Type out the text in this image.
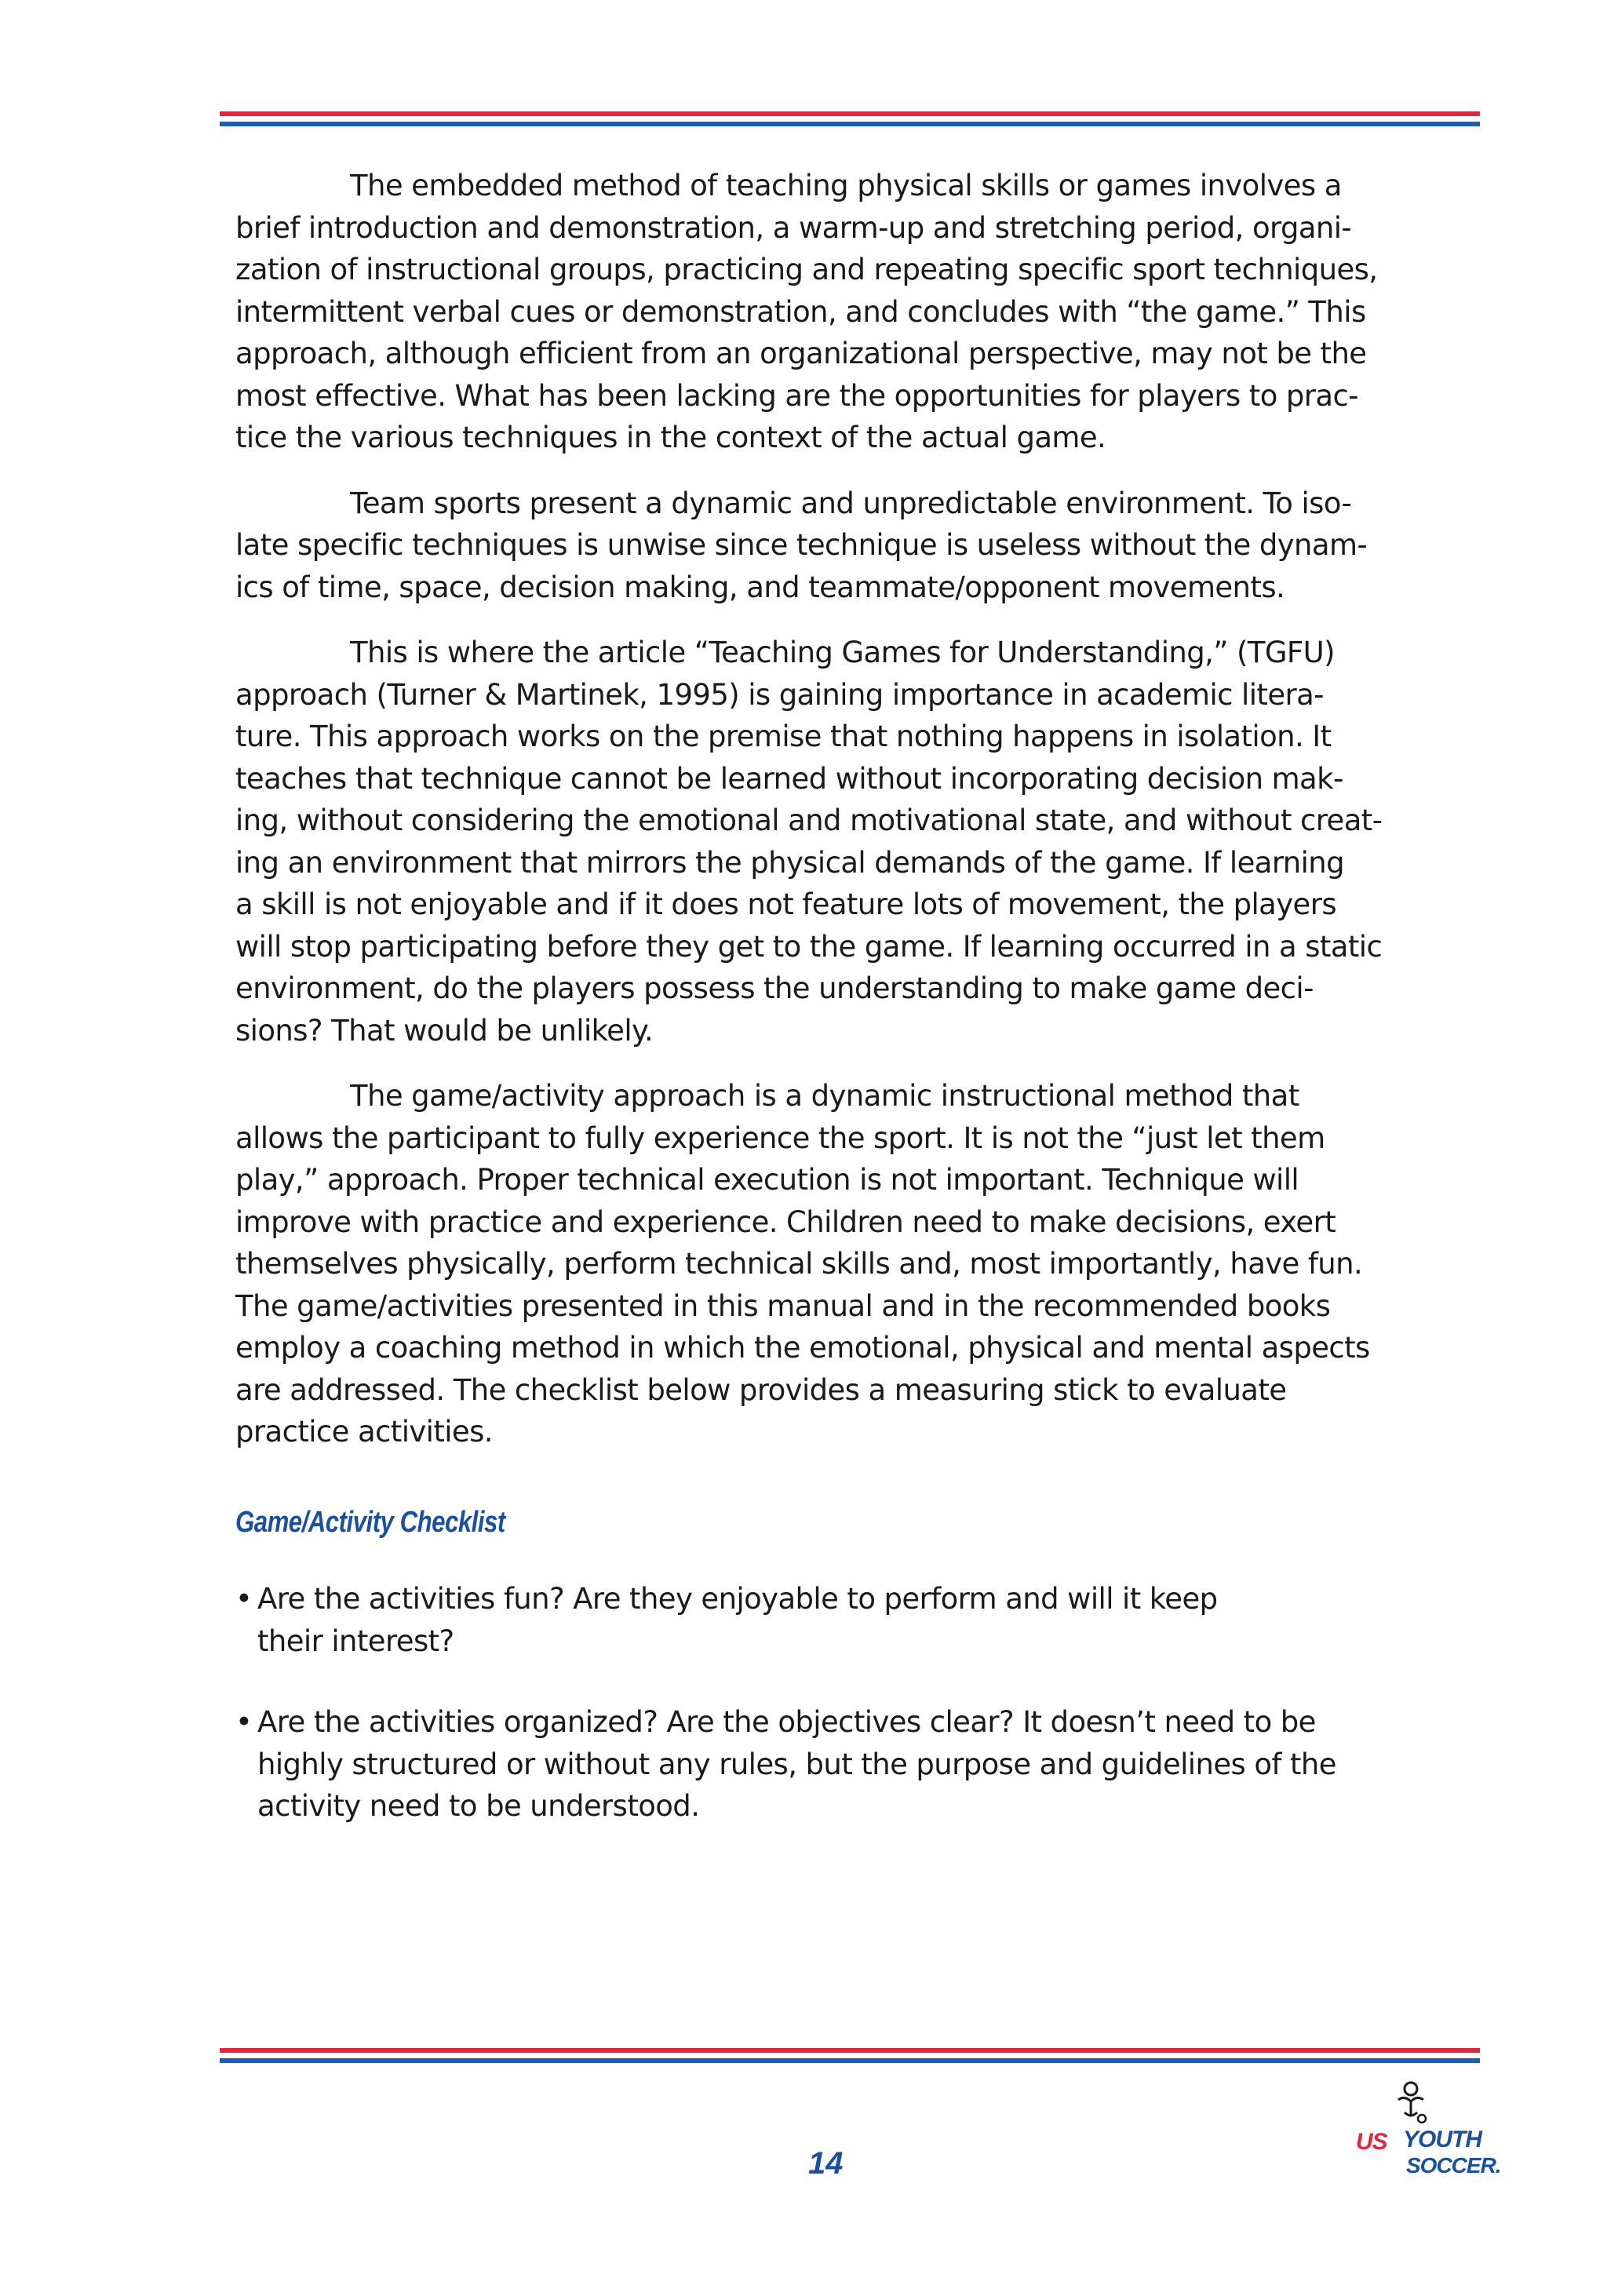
The embedded method of teaching physical skills or games involves a
brief introduction and demonstration, a warm-up and stretching period, organi-
zation of instructional groups, practicing and repeating specific sport techniques,
intermittent verbal cues or demonstration, and concludes with “the game.” This
approach, although efficient from an organizational perspective, may not be the
most effective. What has been lacking are the opportunities for players to prac-
tice the various techniques in the context of the actual game.

Team sports present a dynamic and unpredictable environment. To iso-
late specific techniques is unwise since technique is useless without the dynam-
ics of time, space, decision making, and teammate/opponent movements.

This is where the article “Teaching Games for Understanding,” (TGFU)
approach (Turner & Martinek, 1995) is gaining importance in academic litera-
ture. This approach works on the premise that nothing happens in isolation. It
teaches that technique cannot be learned without incorporating decision mak-
ing, without considering the emotional and motivational state, and without creat-
ing an environment that mirrors the physical demands of the game. If learning
a skill is not enjoyable and if it does not feature lots of movement, the players
will stop participating before they get to the game. If learning occurred in a static
environment, do the players possess the understanding to make game deci-
sions? That would be unlikely.

The game/activity approach is a dynamic instructional method that
allows the participant to fully experience the sport. It is not the “just let them
play,” approach. Proper technical execution is not important. Technique will
improve with practice and experience. Children need to make decisions, exert
themselves physically, perform technical skills and, most importantly, have fun.
The game/activities presented in this manual and in the recommended books
employ a coaching method in which the emotional, physical and mental aspects
are addressed. The checklist below provides a measuring stick to evaluate
practice activities.

Game/Activity Checklist
• Are the activities fun? Are they enjoyable to perform and will it keep
their interest?
• Are the activities organized? Are the objectives clear? It doesn’t need to be
highly structured or without any rules, but the purpose and guidelines of the
activity need to be understood.
14
US YOUTH
SOCCER.
